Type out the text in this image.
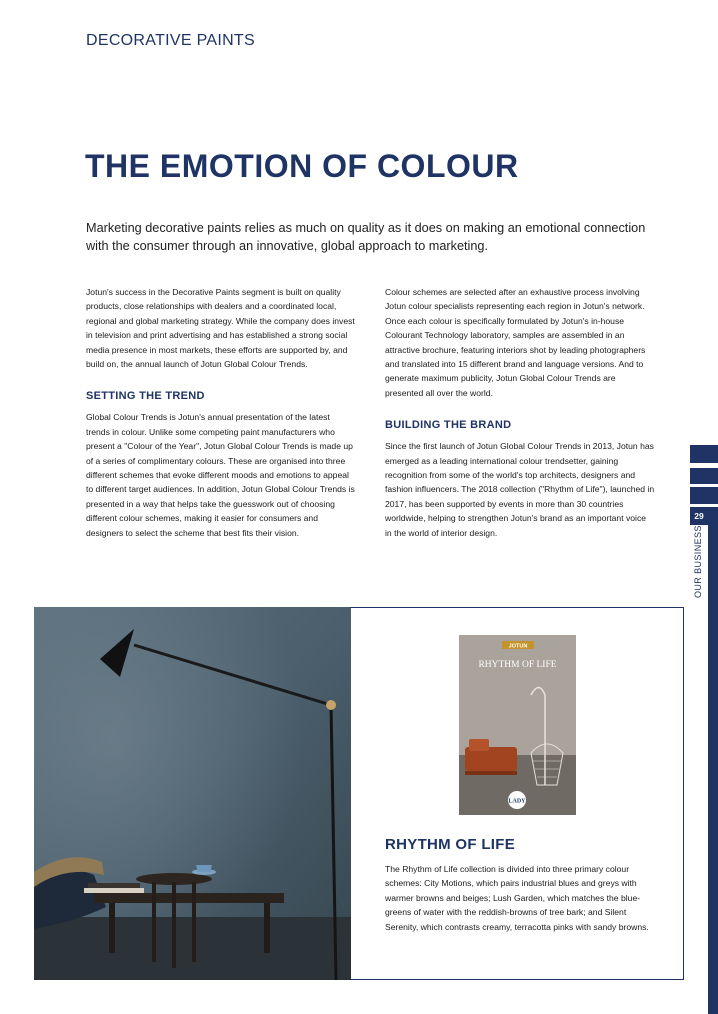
DECORATIVE PAINTS
THE EMOTION OF COLOUR

Marketing decorative paints relies as much on quality as it does on making an emotional connection with the consumer through an innovative, global approach to marketing.

Jotun's success in the Decorative Paints segment is built on quality products, close relationships with dealers and a coordinated local, regional and global marketing strategy. While the company does invest in television and print advertising and has established a strong social media presence in most markets, these efforts are supported by, and build on, the annual launch of Jotun Global Colour Trends.

SETTING THE TREND

Global Colour Trends is Jotun's annual presentation of the latest trends in colour. Unlike some competing paint manufacturers who present a "Colour of the Year", Jotun Global Colour Trends is made up of a series of complimentary colours. These are organised into three different schemes that evoke different moods and emotions to appeal to different target audiences. In addition, Jotun Global Colour Trends is presented in a way that helps take the guesswork out of choosing different colour schemes, making it easier for consumers and designers to select the scheme that best fits their vision.

Colour schemes are selected after an exhaustive process involving Jotun colour specialists representing each region in Jotun's network. Once each colour is specifically formulated by Jotun's in-house Colourant Technology laboratory, samples are assembled in an attractive brochure, featuring interiors shot by leading photographers and translated into 15 different brand and language versions. And to generate maximum publicity, Jotun Global Colour Trends are presented all over the world.

BUILDING THE BRAND

Since the first launch of Jotun Global Colour Trends in 2013, Jotun has emerged as a leading international colour trendsetter, gaining recognition from some of the world's top architects, designers and fashion influencers. The 2018 collection ("Rhythm of Life"), launched in 2017, has been supported by events in more than 30 countries worldwide, helping to strengthen Jotun's brand as an important voice in the world of interior design.

29
OUR BUSINESS
JOTUN
RHYTHM OF LIFE
LADY
RHYTHM OF LIFE

The Rhythm of Life collection is divided into three primary colour schemes: City Motions, which pairs industrial blues and greys with warmer browns and beiges; Lush Garden, which matches the blue-greens of water with the reddish-browns of tree bark; and Silent Serenity, which contrasts creamy, terracotta pinks with sandy browns.
